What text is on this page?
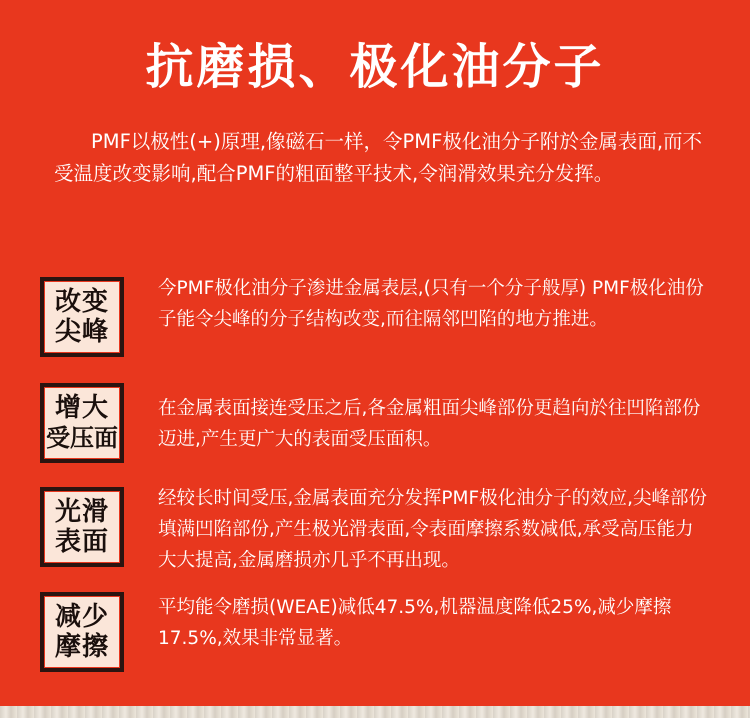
抗磨损、极化油分子
PMF以极性(+)原理,像磁石一样，令PMF极化油分子附於金属表面,而不受温度改变影响,配合PMF的粗面整平技术,令润滑效果充分发挥。
改变
尖峰
今PMF极化油分子渗进金属表层,(只有一个分子般厚) PMF极化油份子能令尖峰的分子结构改变,而往隔邻凹陷的地方推进。
增大
受压面
在金属表面接连受压之后,各金属粗面尖峰部份更趋向於往凹陷部份迈进,产生更广大的表面受压面积。
光滑
表面
经较长时间受压,金属表面充分发挥PMF极化油分子的效应,尖峰部份填满凹陷部份,产生极光滑表面,令表面摩擦系数减低,承受高压能力大大提高,金属磨损亦几乎不再出现。
减少
摩擦
平均能令磨损(WEAE)减低47.5%,机器温度降低25%,减少摩擦17.5%,效果非常显著。
